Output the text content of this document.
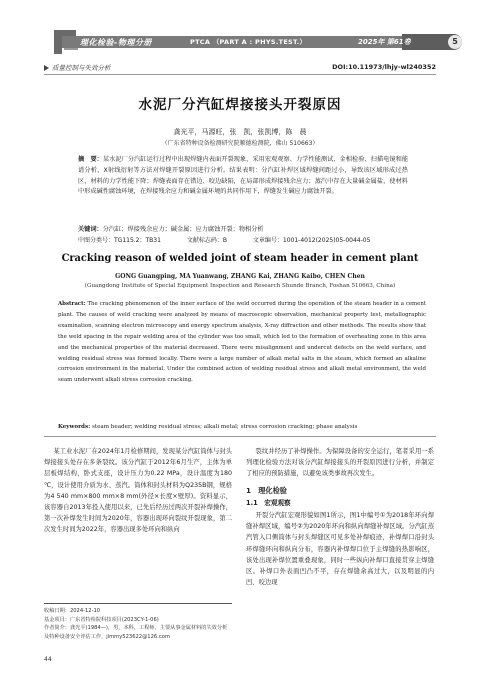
理化检验-物理分册	PTCA （PART A : PHYS.TEST.）	2025年 第61卷	5
质量控制与失效分析	DOI:10.11973/lhjy-wl240352
水泥厂分汽缸焊接接头开裂原因
龚光平，马源旺，张　凯，张凯博，陈　晨
（广东省特种设备检测研究院顺德检测院，佛山 510663）
摘　要：某水泥厂分汽缸运行过程中出现焊缝内表面开裂现象，采用宏观观察、力学性能测试、金相检验、扫描电镜和能谱分析、X射线衍射等方法对焊缝开裂原因进行分析。结果表明：分汽缸补焊区域焊缝间距过小，导致该区域形成过热区，材料的力学性能下降；焊缝表面存在错边、咬边缺陷，在局部形成焊接残余应力；蒸汽中存在大量碱金属盐，使材料中形成碱性腐蚀环境，在焊接残余应力和碱金属环境的共同作用下，焊缝发生碱应力腐蚀开裂。
关键词：分汽缸；焊接残余应力；碱金属；应力腐蚀开裂；物相分析
中图分类号：TG115.2；TB31	文献标志码：B	文章编号：1001-4012(2025)05-0044-05
Cracking reason of welded joint of steam header in cement plant
GONG Guangping, MA Yuanwang, ZHANG Kai, ZHANG Kaibo, CHEN Chen
(Guangdong Institute of Special Equipment Inspection and Research Shunde Branch, Foshan 510663, China)
Abstract: The cracking phenomenon of the inner surface of the weld occurred during the operation of the steam header in a cement plant. The causes of weld cracking were analyzed by means of macroscopic observation, mechanical property test, metallographic examination, scanning electron microscopy and energy spectrum analysis, X-ray diffraction and other methods. The results show that the weld spacing in the repair welding area of the cylinder was too small, which led to the formation of overheating zone in this area and the mechanical properties of the material decreased. There were misalignment and undercut defects on the weld surface, and welding residual stress was formed locally. There were a large number of alkali metal salts in the steam, which formed an alkaline corrosion environment in the material. Under the combined action of welding residual stress and alkali metal environment, the weld seam underwent alkali stress corrosion cracking.
Keywords: steam header; welding residual stress; alkali metal; stress corrosion cracking; phase analysis

某工业水泥厂在2024年1月检修期间，发现某分汽缸筒体与封头焊接接头处存在多条裂纹。该分汽缸于2012年6月生产，主体为单层板焊结构，卧式支座，设计压力为0.22 MPa，设计温度为180 ℃，设计使用介质为水、蒸汽。筒体和封头材料为Q235B钢，规格为4 540 mm×800 mm×8 mm(外径×长度×壁厚)。资料显示，该容器自2013年投入使用以来，已先后经历过两次开裂补焊操作，第一次补焊发生时间为2020年，容器出现环向裂纹开裂现象，第二次发生时间为2022年，容器出现多处环向和纵向

裂纹并经历了补焊操作。为保障设备的安全运行，笔者采用一系列理化检验方法对该分汽缸焊接接头的开裂原因进行分析，并制定了相应的预防措施，以避免该类事故再次发生。

1　理化检验
1.1　宏观观察

开裂分汽缸宏观形貌如图1所示，图1中编号①为2018年环向焊缝补焊区域，编号②为2020年环向和纵向焊缝补焊区域。分汽缸蒸汽管入口侧筒体与封头焊缝区可见多处补焊痕迹，补焊焊口沿封头环焊缝环向和纵向分布，容器内补焊焊口位于主焊缝的热影响区，该处出现补焊位置重叠现象，同时一些纵向补焊口直接贯穿主焊缝区。补焊口外表面凹凸不平，存在焊缝余高过大，以及明显的内凹、咬边现

收稿日期：2024-12-10
基金项目：广东省特检院科技项目(2023CY-1-06)
作者简介：龚光平(1984—)，男，本科，工程师，主要从事金属材料的失效分析及特种设备安全评估工作，jimmy523622@126.com
44
